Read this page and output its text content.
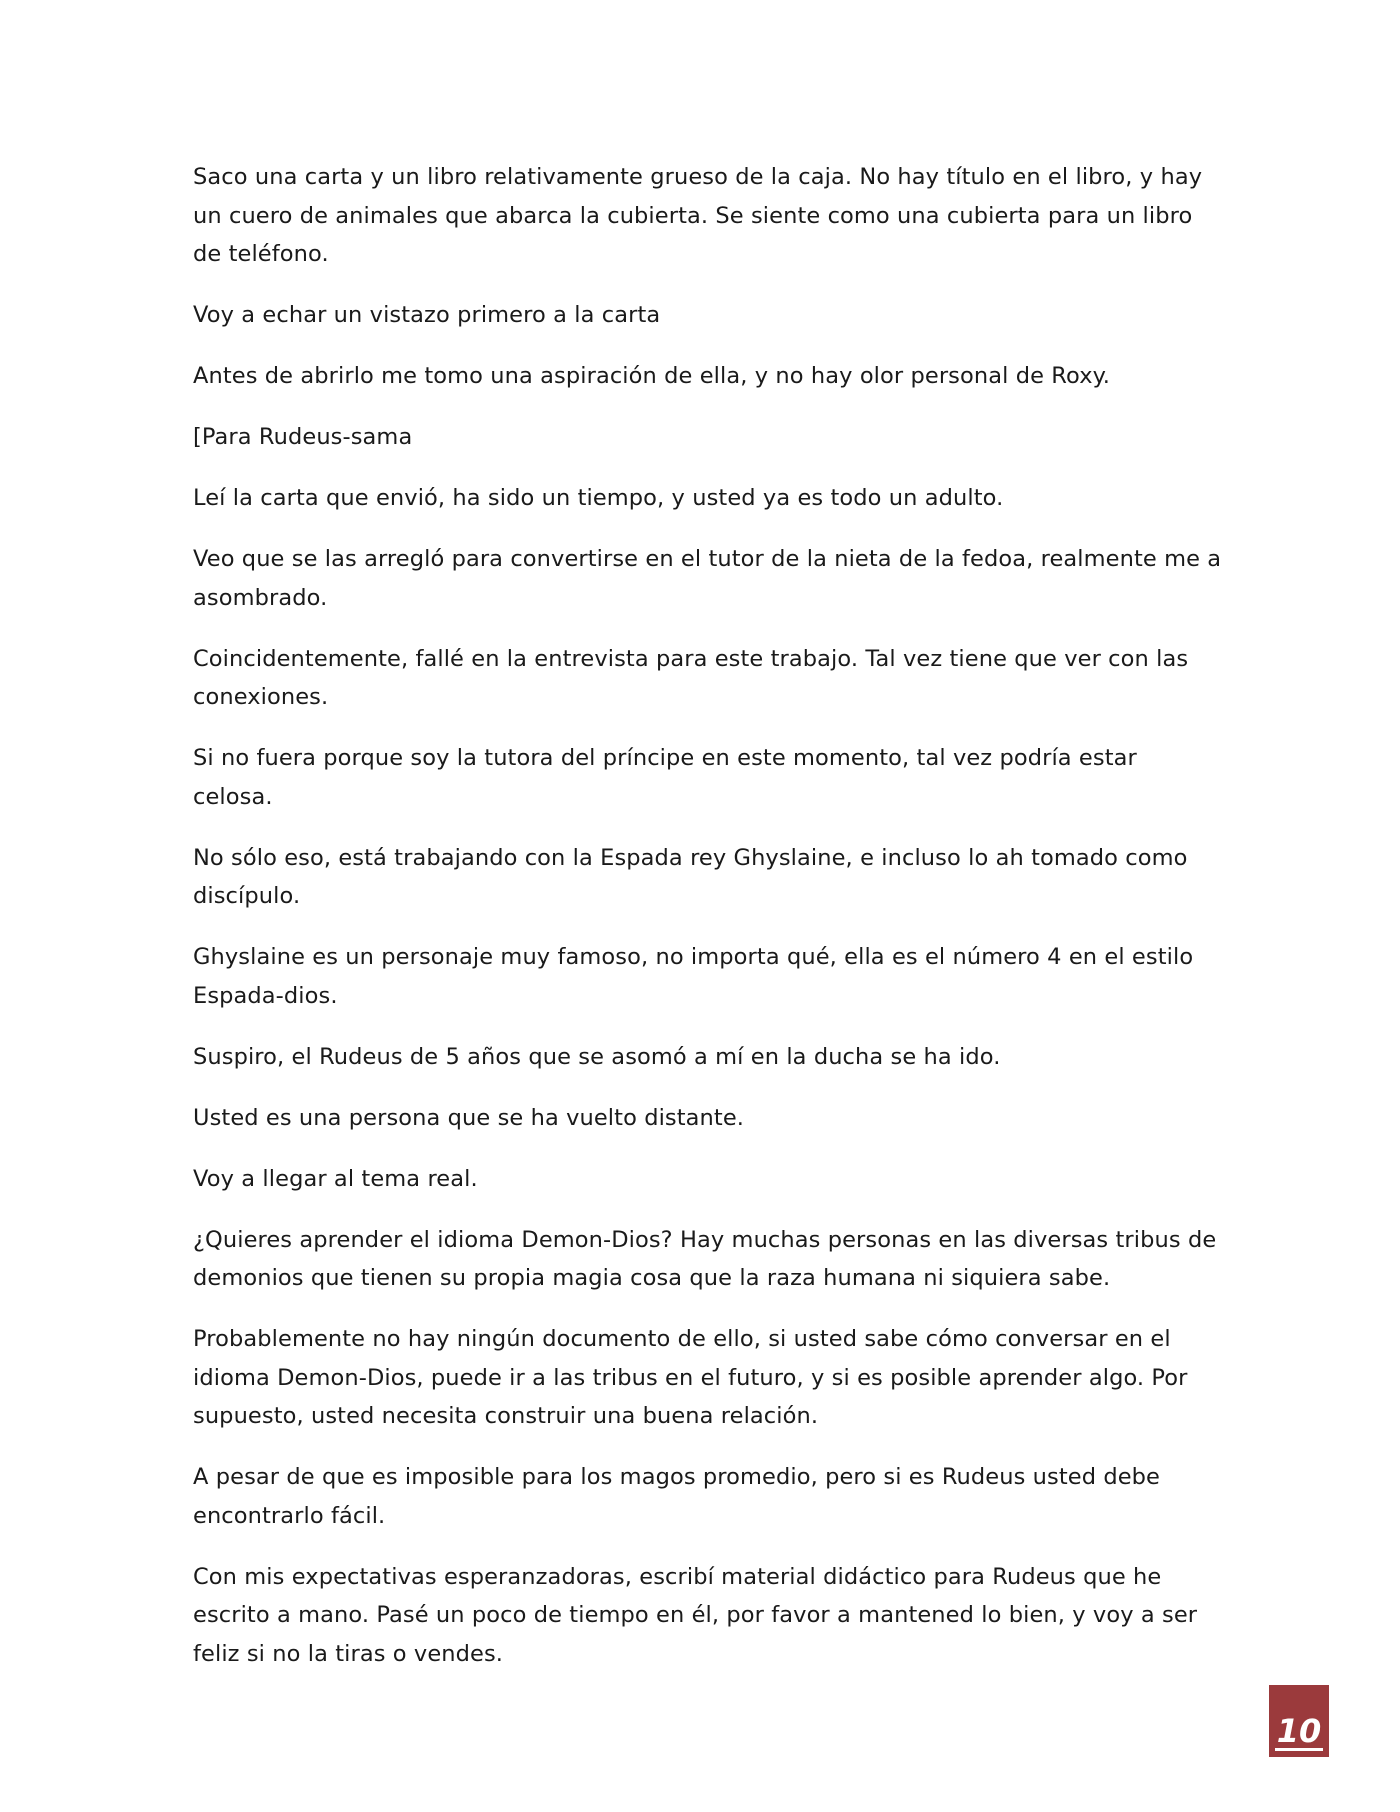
Saco una carta y un libro relativamente grueso de la caja. No hay título en el libro, y hay un cuero de animales que abarca la cubierta. Se siente como una cubierta para un libro de teléfono.

Voy a echar un vistazo primero a la carta

Antes de abrirlo me tomo una aspiración de ella, y no hay olor personal de Roxy.

[Para Rudeus-sama

Leí la carta que envió, ha sido un tiempo, y usted ya es todo un adulto.

Veo que se las arregló para convertirse en el tutor de la nieta de la fedoa, realmente me a asombrado.

Coincidentemente, fallé en la entrevista para este trabajo. Tal vez tiene que ver con las conexiones.

Si no fuera porque soy la tutora del príncipe en este momento, tal vez podría estar celosa.

No sólo eso, está trabajando con la Espada rey Ghyslaine, e incluso lo ah tomado como discípulo.

Ghyslaine es un personaje muy famoso, no importa qué, ella es el número 4 en el estilo Espada-dios.

Suspiro, el Rudeus de 5 años que se asomó a mí en la ducha se ha ido.

Usted es una persona que se ha vuelto distante.

Voy a llegar al tema real.

¿Quieres aprender el idioma Demon-Dios? Hay muchas personas en las diversas tribus de demonios que tienen su propia magia cosa que la raza humana ni siquiera sabe.

Probablemente no hay ningún documento de ello, si usted sabe cómo conversar en el idioma Demon-Dios, puede ir a las tribus en el futuro, y si es posible aprender algo. Por supuesto, usted necesita construir una buena relación.

A pesar de que es imposible para los magos promedio, pero si es Rudeus usted debe encontrarlo fácil.

Con mis expectativas esperanzadoras, escribí material didáctico para Rudeus que he escrito a mano. Pasé un poco de tiempo en él, por favor a mantened lo bien, y voy a ser feliz si no la tiras o vendes.

10
